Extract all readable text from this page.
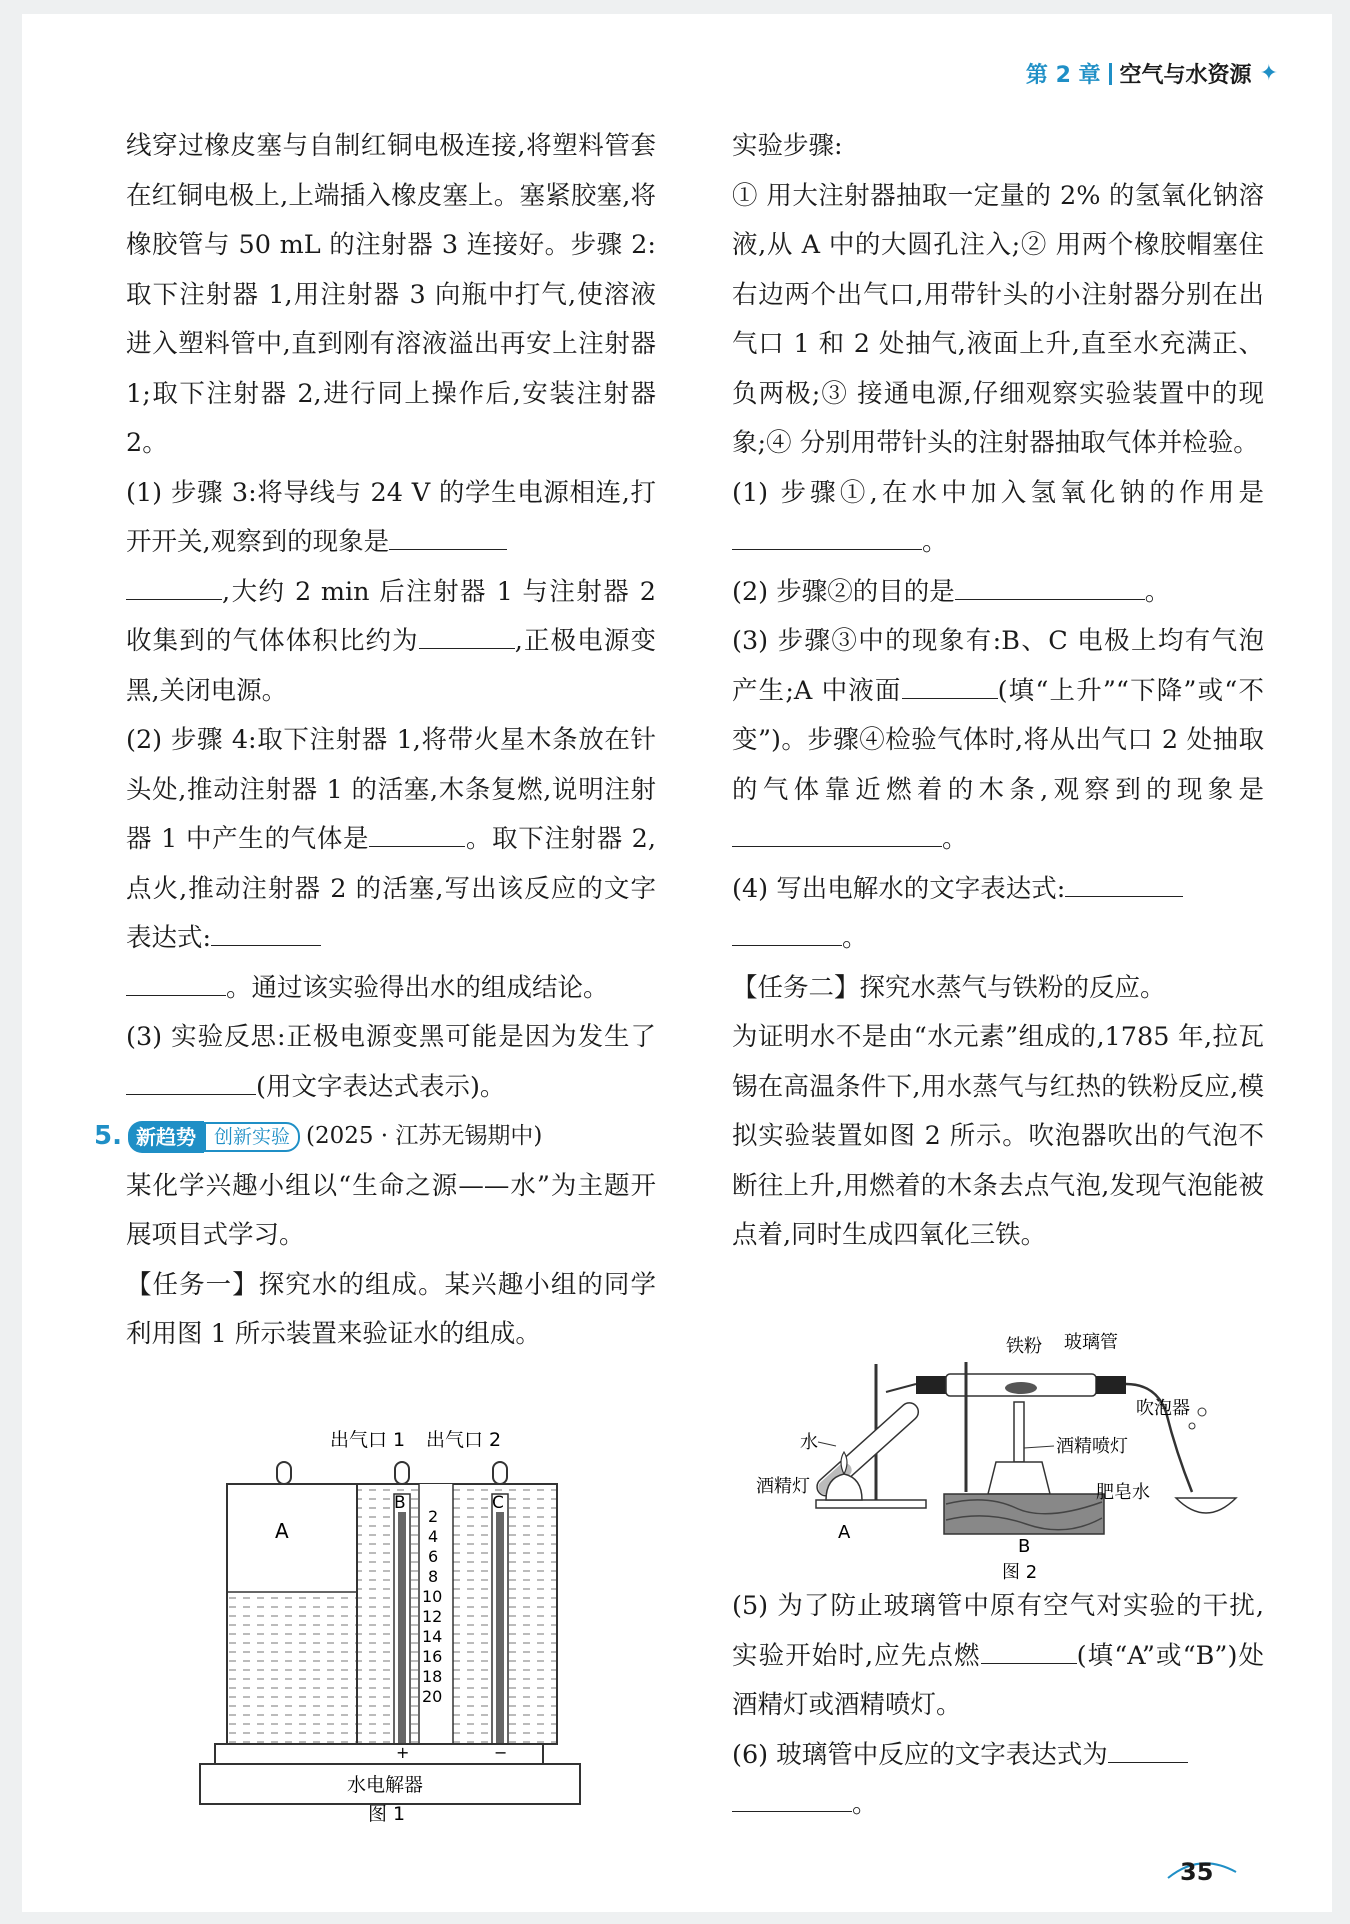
第 2 章 空气与水资源 ✦

线穿过橡皮塞与自制红铜电极连接,将塑料管套在红铜电极上,上端插入橡皮塞上。塞紧胶塞,将橡胶管与 50 mL 的注射器 3 连接好。步骤 2:取下注射器 1,用注射器 3 向瓶中打气,使溶液进入塑料管中,直到刚有溶液溢出再安上注射器 1;取下注射器 2,进行同上操作后,安装注射器 2。

(1) 步骤 3:将导线与 24 V 的学生电源相连,打开开关,观察到的现象是
,大约 2 min 后注射器 1 与注射器 2 收集到的气体体积比约为	,正极电源变黑,关闭电源。

(2) 步骤 4:取下注射器 1,将带火星木条放在针头处,推动注射器 1 的活塞,木条复燃,说明注射器 1 中产生的气体是	。取下注射器 2,点火,推动注射器 2 的活塞,写出该反应的文字表达式:
。通过该实验得出水的组成结论。

(3) 实验反思:正极电源变黑可能是因为发生了(用文字表达式表示)。

5. 新趋势 创新实验 (2025 · 江苏无锡期中)

某化学兴趣小组以“生命之源——水”为主题开展项目式学习。

【任务一】探究水的组成。某兴趣小组的同学利用图 1 所示装置来验证水的组成。

出气口 1 出气口 2
A
B	C
2
4
6
8
10
12
14
16
18
20
+	−
水电解器
图 1

实验步骤:

① 用大注射器抽取一定量的 2% 的氢氧化钠溶液,从 A 中的大圆孔注入;② 用两个橡胶帽塞住右边两个出气口,用带针头的小注射器分别在出气口 1 和 2 处抽气,液面上升,直至水充满正、负两极;③ 接通电源,仔细观察实验装置中的现象;④ 分别用带针头的注射器抽取气体并检验。

(1) 步骤①,在水中加入氢氧化钠的作用是。

(2) 步骤②的目的是	。

(3) 步骤③中的现象有:B、C 电极上均有气泡产生;A 中液面	(填“上升”“下降”或“不变”)。步骤④检验气体时,将从出气口 2 处抽取的气体靠近燃着的木条,观察到的现象是。

(4) 写出电解水的文字表达式:
。

【任务二】探究水蒸气与铁粉的反应。

为证明水不是由“水元素”组成的,1785 年,拉瓦锡在高温条件下,用水蒸气与红热的铁粉反应,模拟实验装置如图 2 所示。吹泡器吹出的气泡不断往上升,用燃着的木条去点气泡,发现气泡能被点着,同时生成四氧化三铁。

铁粉 玻璃管
水
酒精灯
A
酒精喷灯
B
吹泡器
肥皂水
图 2

(5) 为了防止玻璃管中原有空气对实验的干扰,实验开始时,应先点燃	(填“A”或“B”)处酒精灯或酒精喷灯。

(6) 玻璃管中反应的文字表达式为
。

35
